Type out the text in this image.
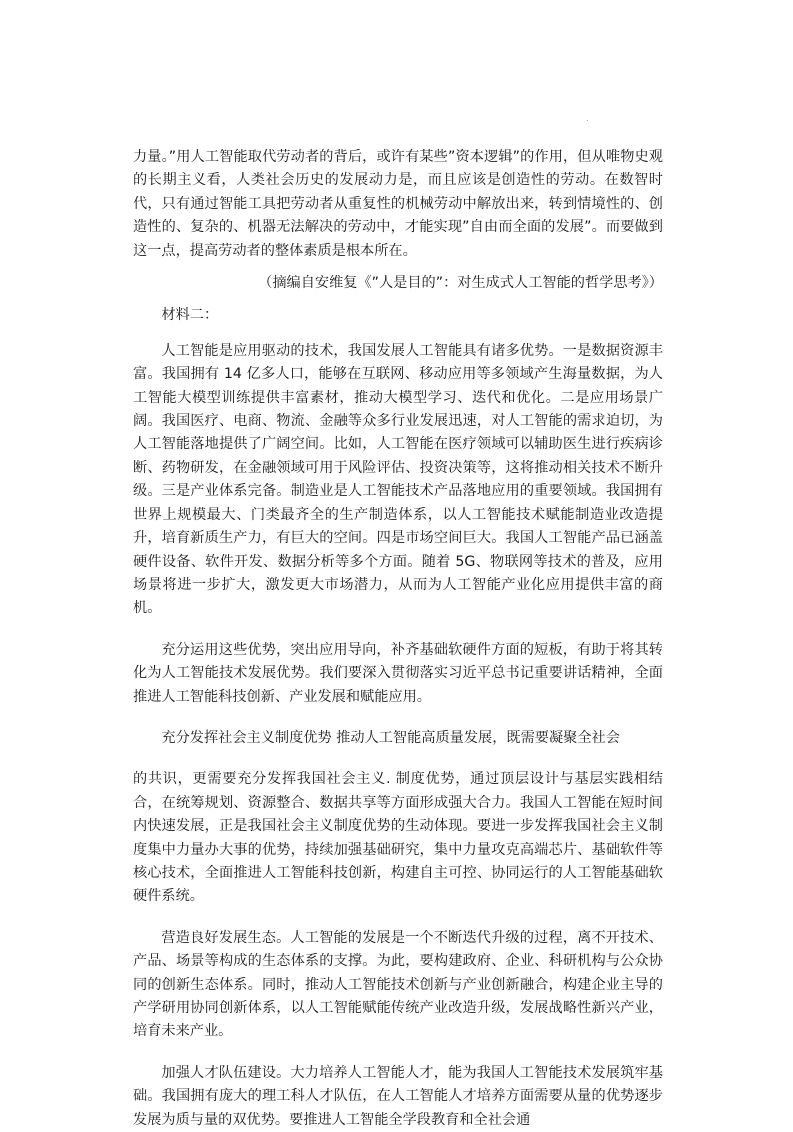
.

力量。”用人工智能取代劳动者的背后，或许有某些”资本逻辑”的作用，但从唯物史观的长期主义看，人类社会历史的发展动力是，而且应该是创造性的劳动。在数智时代，只有通过智能工具把劳动者从重复性的机械劳动中解放出来，转到情境性的、创造性的、复杂的、机器无法解决的劳动中，才能实现”自由而全面的发展”。而要做到这一点，提高劳动者的整体素质是根本所在。

（摘编自安维复《”人是目的”：对生成式人工智能的哲学思考》）

材料二：

人工智能是应用驱动的技术，我国发展人工智能具有诸多优势。一是数据资源丰富。我国拥有 14 亿多人口，能够在互联网、移动应用等多领域产生海量数据，为人工智能大模型训练提供丰富素材，推动大模型学习、迭代和优化。二是应用场景广阔。我国医疗、电商、物流、金融等众多行业发展迅速，对人工智能的需求迫切，为人工智能落地提供了广阔空间。比如，人工智能在医疗领域可以辅助医生进行疾病诊断、药物研发，在金融领域可用于风险评估、投资决策等，这将推动相关技术不断升级。三是产业体系完备。制造业是人工智能技术产品落地应用的重要领域。我国拥有世界上规模最大、门类最齐全的生产制造体系，以人工智能技术赋能制造业改造提升，培育新质生产力，有巨大的空间。四是市场空间巨大。我国人工智能产品已涵盖硬件设备、软件开发、数据分析等多个方面。随着 5G、物联网等技术的普及，应用场景将进一步扩大，激发更大市场潜力，从而为人工智能产业化应用提供丰富的商机。

充分运用这些优势，突出应用导向，补齐基础软硬件方面的短板，有助于将其转化为人工智能技术发展优势。我们要深入贯彻落实习近平总书记重要讲话精神，全面推进人工智能科技创新、产业发展和赋能应用。

充分发挥社会主义制度优势 推动人工智能高质量发展，既需要凝聚全社会

的共识，更需要充分发挥我国社会主义. 制度优势，通过顶层设计与基层实践相结合，在统筹规划、资源整合、数据共享等方面形成强大合力。我国人工智能在短时间内快速发展，正是我国社会主义制度优势的生动体现。要进一步发挥我国社会主义制度集中力量办大事的优势，持续加强基础研究，集中力量攻克高端芯片、基础软件等核心技术，全面推进人工智能科技创新，构建自主可控、协同运行的人工智能基础软硬件系统。

营造良好发展生态。人工智能的发展是一个不断迭代升级的过程，离不开技术、产品、场景等构成的生态体系的支撑。为此，要构建政府、企业、科研机构与公众协同的创新生态体系。同时，推动人工智能技术创新与产业创新融合，构建企业主导的产学研用协同创新体系，以人工智能赋能传统产业改造升级，发展战略性新兴产业，培育未来产业。

加强人才队伍建设。大力培养人工智能人才，能为我国人工智能技术发展筑牢基础。我国拥有庞大的理工科人才队伍，在人工智能人才培养方面需要从量的优势逐步发展为质与量的双优势。要推进人工智能全学段教育和全社会通
